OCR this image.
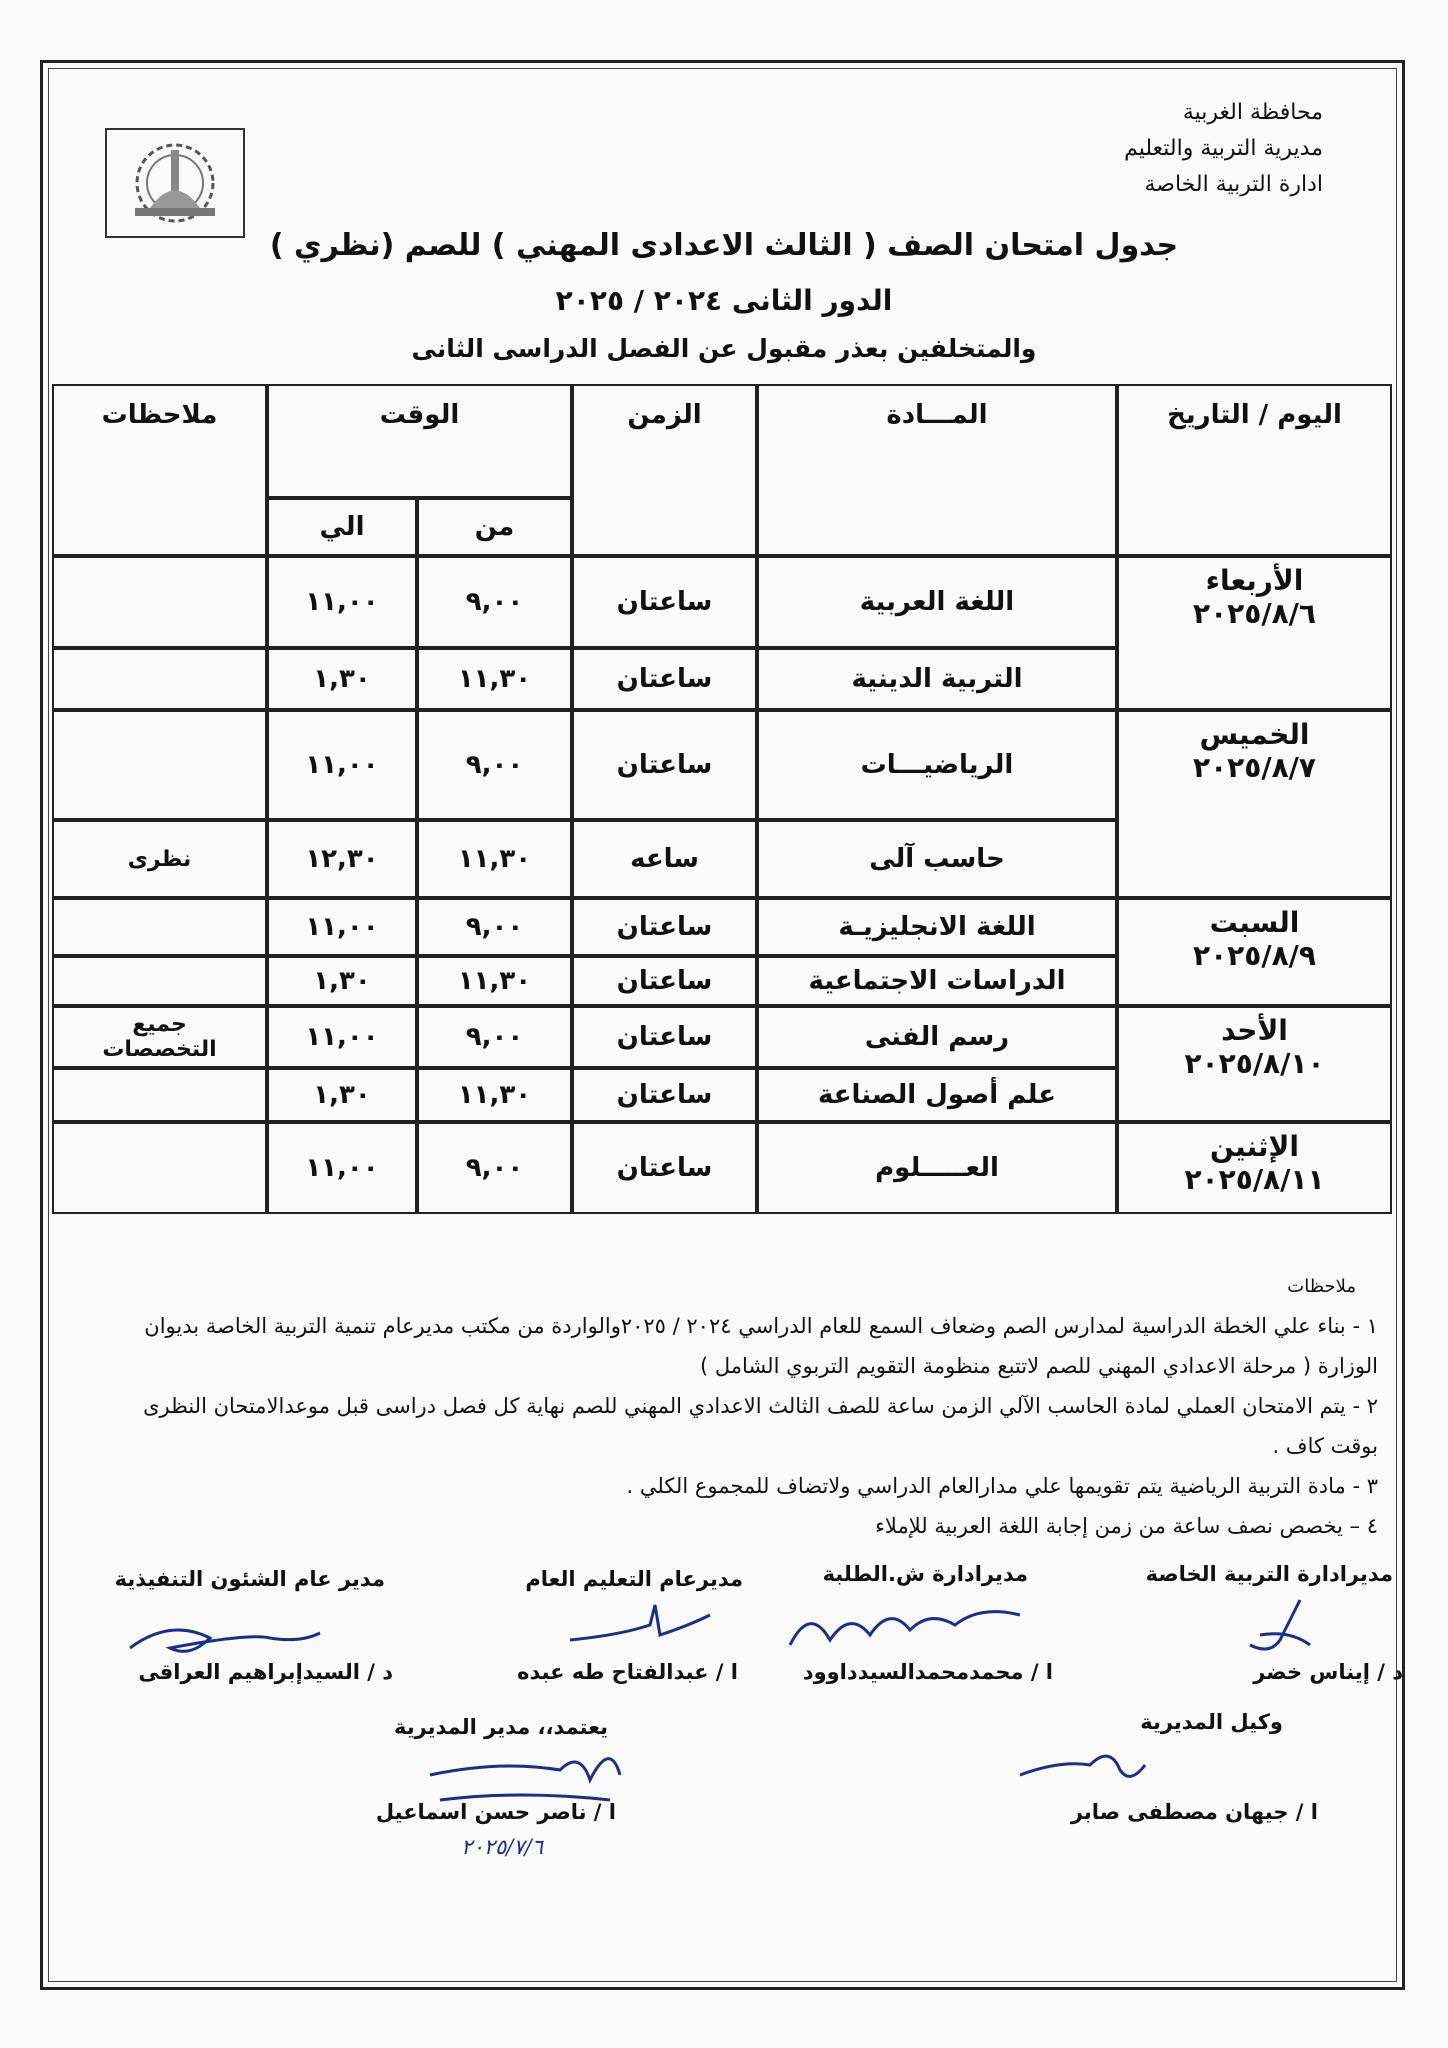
محافظة الغربية
مديرية التربية والتعليم
ادارة التربية الخاصة
جدول امتحان الصف ( الثالث الاعدادى المهني ) للصم (نظري )
الدور الثانى ٢٠٢٤ / ٢٠٢٥
والمتخلفين بعذر مقبول عن الفصل الدراسى الثانى
اليوم / التاريخ	المـــادة	الزمن	الوقت		ملاحظات
			من	الي	

الأربعاء
٢٠٢٥/٨/٦	اللغة العربية	ساعتان	٩,٠٠	١١,٠٠	
	التربية الدينية	ساعتان	١١,٣٠	١,٣٠	

الخميس
٢٠٢٥/٨/٧	الرياضيـــات	ساعتان	٩,٠٠	١١,٠٠	
	حاسب آلى	ساعه	١١,٣٠	١٢,٣٠	نظرى

السبت
٢٠٢٥/٨/٩	اللغة الانجليزيـة	ساعتان	٩,٠٠	١١,٠٠	
	الدراسات الاجتماعية	ساعتان	١١,٣٠	١,٣٠	

الأحد
٢٠٢٥/٨/١٠	رسم الفنى	ساعتان	٩,٠٠	١١,٠٠	جميع التخصصات
	علم أصول الصناعة	ساعتان	١١,٣٠	١,٣٠	

الإثنين
٢٠٢٥/٨/١١	العـــــلوم	ساعتان	٩,٠٠	١١,٠٠	
ملاحظات
١ - بناء علي الخطة الدراسية لمدارس الصم وضعاف السمع للعام الدراسي ٢٠٢٤ / ٢٠٢٥والواردة من مكتب مديرعام تنمية التربية الخاصة بديوان الوزارة ( مرحلة الاعدادي المهني للصم لاتتبع منظومة التقويم التربوي الشامل )
٢ - يتم الامتحان العملي لمادة الحاسب الآلي الزمن ساعة للصف الثالث الاعدادي المهني للصم نهاية كل فصل دراسى قبل موعدالامتحان النظرى بوقت كاف .
٣ - مادة التربية الرياضية يتم تقويمها علي مدارالعام الدراسي ولاتضاف للمجموع الكلي .
٤ – يخصص نصف ساعة من زمن إجابة اللغة العربية للإملاء
مديرادارة التربية الخاصة
د / إيناس خضر
مديرادارة ش.الطلبة
ا / محمدمحمدالسيدداوود
مديرعام التعليم العام
ا / عبدالفتاح طه عبده
مدير عام الشئون التنفيذية
د / السيدإبراهيم العراقى
وكيل المديرية
ا / جيهان مصطفى صابر
يعتمد،، مدير المديرية
ا / ناصر حسن اسماعيل
٢٠٢٥/٧/٦
